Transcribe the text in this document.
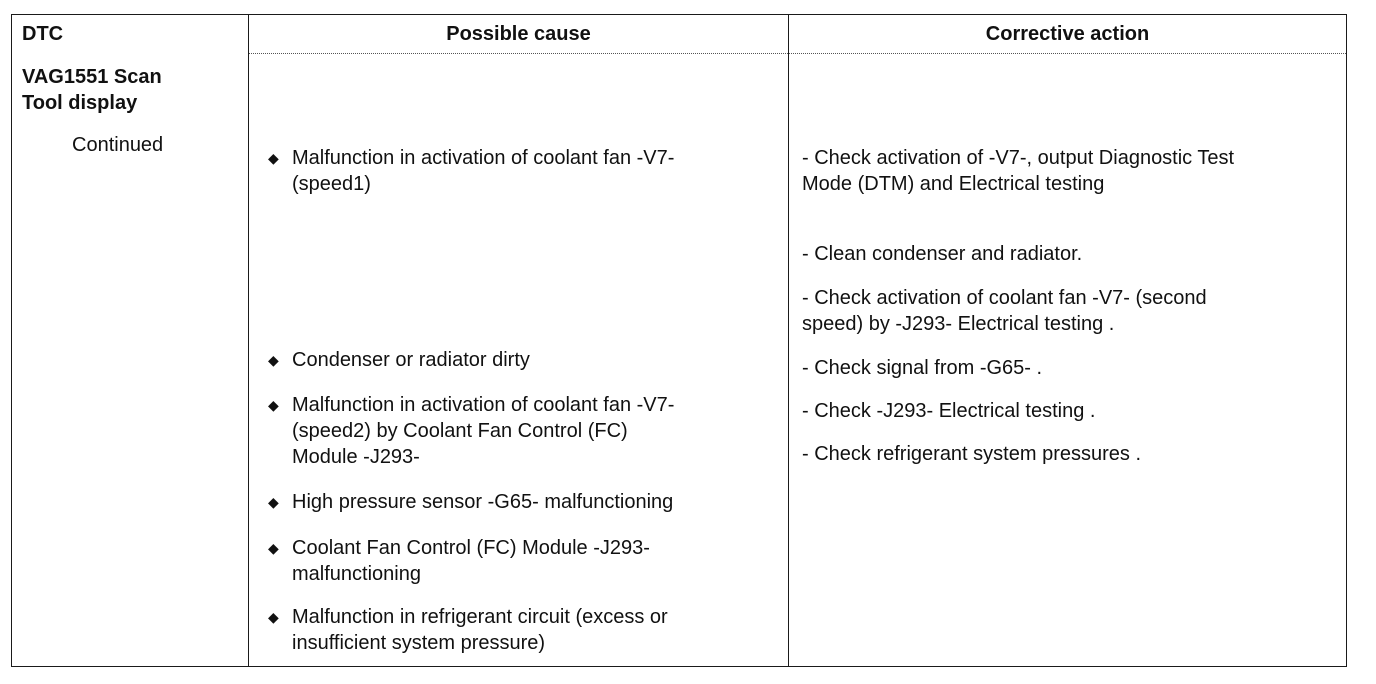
DTC	Possible cause	Corrective action
VAG1551 Scan
Tool display
Continued
◆ Malfunction in activation of coolant fan -V7-
(speed1)
◆ Condenser or radiator dirty
◆ Malfunction in activation of coolant fan -V7-
(speed2) by Coolant Fan Control (FC)
Module -J293-
◆ High pressure sensor -G65- malfunctioning
◆ Coolant Fan Control (FC) Module -J293-
malfunctioning
◆ Malfunction in refrigerant circuit (excess or
insufficient system pressure)
- Check activation of -V7-, output Diagnostic Test
Mode (DTM) and Electrical testing
- Clean condenser and radiator.
- Check activation of coolant fan -V7- (second
speed) by -J293- Electrical testing .
- Check signal from -G65- .
- Check -J293- Electrical testing .
- Check refrigerant system pressures .
